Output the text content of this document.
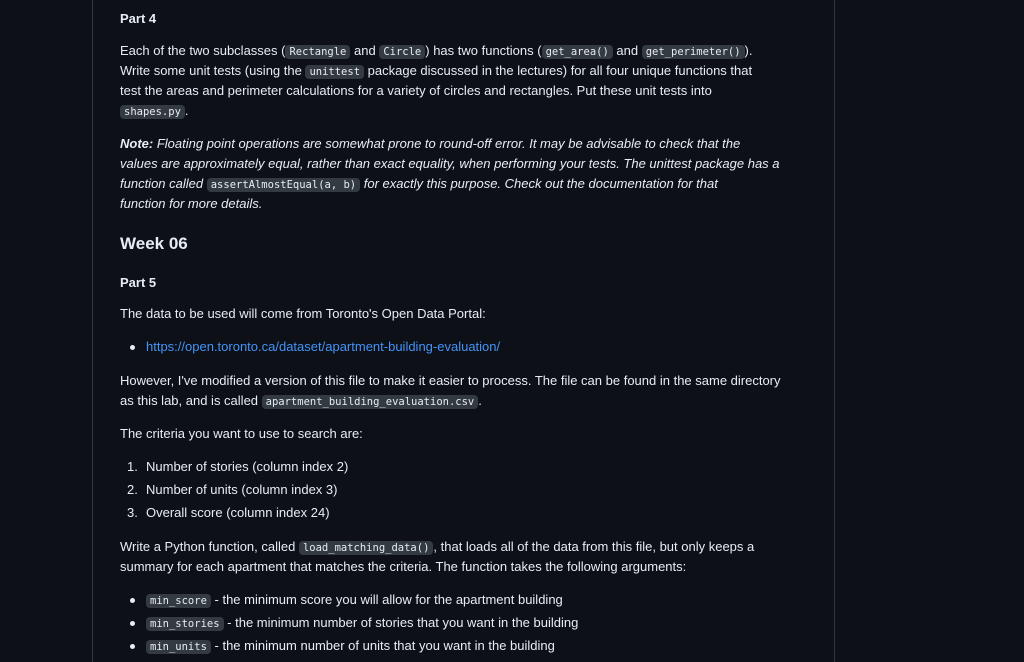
Part 4
Each of the two subclasses ( Rectangle and Circle ) has two functions ( get_area() and get_perimeter() ).
Write some unit tests (using the unittest package discussed in the lectures) for all four unique functions that
test the areas and perimeter calculations for a variety of circles and rectangles. Put these unit tests into
shapes.py .
Note: Floating point operations are somewhat prone to round-off error. It may be advisable to check that the
values are approximately equal, rather than exact equality, when performing your tests. The unittest package has a
function called assertAlmostEqual(a, b) for exactly this purpose. Check out the documentation for that
function for more details.
Week 06
Part 5
The data to be used will come from Toronto's Open Data Portal:
https://open.toronto.ca/dataset/apartment-building-evaluation/
However, I've modified a version of this file to make it easier to process. The file can be found in the same directory
as this lab, and is called apartment_building_evaluation.csv .
The criteria you want to use to search are:
1. Number of stories (column index 2)
2. Number of units (column index 3)
3. Overall score (column index 24)
Write a Python function, called load_matching_data() , that loads all of the data from this file, but only keeps a
summary for each apartment that matches the criteria. The function takes the following arguments:
min_score - the minimum score you will allow for the apartment building
min_stories - the minimum number of stories that you want in the building
min_units - the minimum number of units that you want in the building
